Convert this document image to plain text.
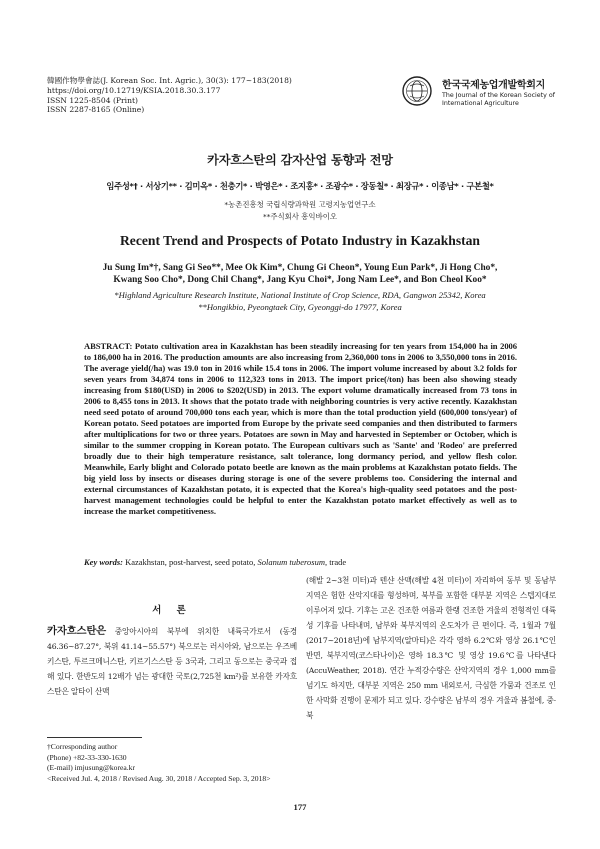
韓國作物學會誌(J. Korean Soc. Int. Agric.), 30(3): 177~183(2018)
https://doi.org/10.12719/KSIA.2018.30.3.177
ISSN 1225-8504 (Print)
ISSN 2287-8165 (Online)
한국국제농업개발학회지
The Journal of the Korean Society of International Agriculture
카자흐스탄의 감자산업 동향과 전망
임주성*† · 서상기** · 김미옥* · 천충기* · 박영은* · 조지홍* · 조광수* · 장동칠* · 최장규* · 이종남* · 구본철*
*농촌진흥청 국립식량과학원 고령지농업연구소
**주식회사 흥익바이오
Recent Trend and Prospects of Potato Industry in Kazakhstan
Ju Sung Im*†, Sang Gi Seo**, Mee Ok Kim*, Chung Gi Cheon*, Young Eun Park*, Ji Hong Cho*,
Kwang Soo Cho*, Dong Chil Chang*, Jang Kyu Choi*, Jong Nam Lee*, and Bon Cheol Koo*
*Highland Agriculture Research Institute, National Institute of Crop Science, RDA, Gangwon 25342, Korea
**Hongikbio, Pyeongtaek City, Gyeonggi-do 17977, Korea
ABSTRACT: Potato cultivation area in Kazakhstan has been steadily increasing for ten years from 154,000 ha in 2006 to 186,000 ha in 2016. The production amounts are also increasing from 2,360,000 tons in 2006 to 3,550,000 tons in 2016. The average yield(/ha) was 19.0 ton in 2016 while 15.4 tons in 2006. The import volume increased by about 3.2 folds for seven years from 34,874 tons in 2006 to 112,323 tons in 2013. The import price(/ton) has been also showing steady increasing from $180(USD) in 2006 to $202(USD) in 2013. The export volume dramatically increased from 73 tons in 2006 to 8,455 tons in 2013. It shows that the potato trade with neighboring countries is very active recently. Kazakhstan need seed potato of around 700,000 tons each year, which is more than the total production yield (600,000 tons/year) of Korean potato. Seed potatoes are imported from Europe by the private seed companies and then distributed to farmers after multiplications for two or three years. Potatoes are sown in May and harvested in September or October, which is similar to the summer cropping in Korean potato. The European cultivars such as 'Sante' and 'Rodeo' are preferred broadly due to their high temperature resistance, salt tolerance, long dormancy period, and yellow flesh color. Meanwhile, Early blight and Colorado potato beetle are known as the main problems at Kazakhstan potato fields. The big yield loss by insects or diseases during storage is one of the severe problems too. Considering the internal and external circumstances of Kazakhstan potato, it is expected that the Korea's high-quality seed potatoes and the post-harvest management technologies could be helpful to enter the Kazakhstan potato market effectively as well as to increase the market competitiveness.
Key words: Kazakhstan, post-harvest, seed potato, Solanum tuberosum, trade
서 론
카자흐스탄은 중앙아시아의 북부에 위치한 내륙국가로서 (동경 46.36~87.27°, 북위 41.14~55.57°) 북으로는 러시아와, 남으로는 우즈베키스탄, 투르크메니스탄, 키르기스스탄 등 3국과, 그리고 동으로는 중국과 접해 있다. 한반도의 12배가 넘는 광대한 국토(2,725천 km²)를 보유한 카자흐스탄은 알타이 산맥
(해발 2~3천 미터)과 텐샨 산맥(해발 4천 미터)이 자리하여 동부 및 동남부 지역은 험한 산악지대를 형성하며, 북부를 포함한 대부분 지역은 스텝지대로 이루어져 있다. 기후는 고온 건조한 여름과 한랭 건조한 겨울의 전형적인 대륙성 기후를 나타내며, 남부와 북부지역의 온도차가 큰 편이다. 즉, 1월과 7월 (2017~2018년)에 남부지역(알마티)은 각각 영하 6.2℃와 영상 26.1℃인 반면, 북부지역(코스타나이)은 영하 18.3℃ 및 영상 19.6℃를 나타낸다(AccuWeather, 2018). 연간 누적강수량은 산악지역의 경우 1,000 mm를 넘기도 하지만, 대부분 지역은 250 mm 내외로서, 극심한 가뭄과 건조로 인한 사막화 진행이 문제가 되고 있다. 강수량은 남부의 경우 겨울과 봄철에, 중·북
†Corresponding author
(Phone) +82-33-330-1630
(E-mail) imjusung@korea.kr
<Received Jul. 4, 2018 / Revised Aug. 30, 2018 / Accepted Sep. 3, 2018>
177
